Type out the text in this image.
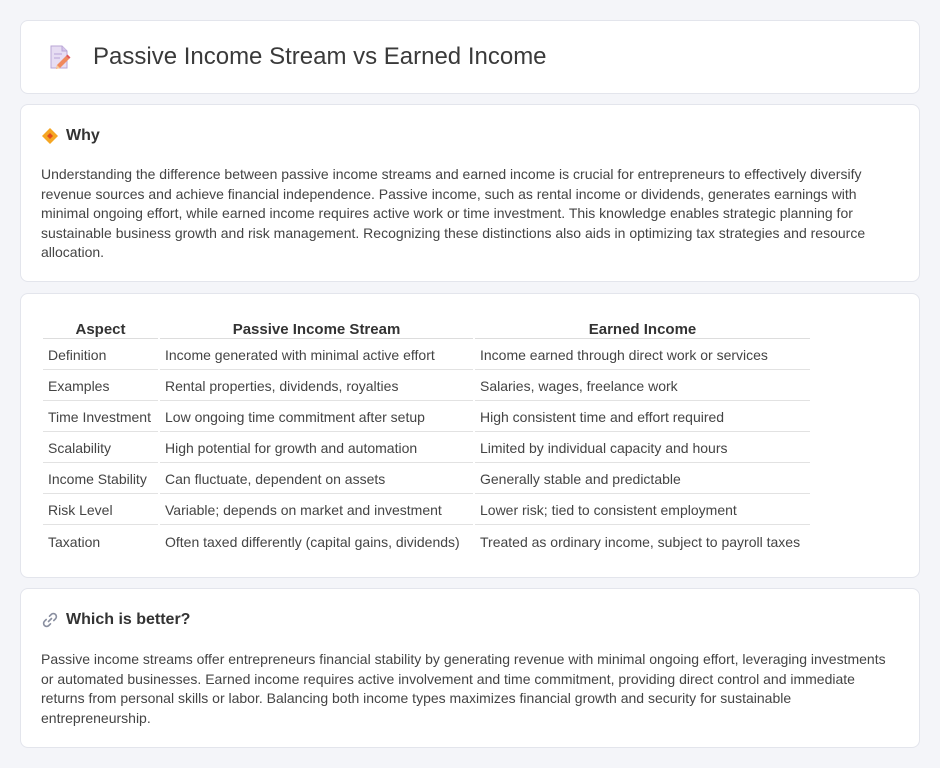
Passive Income Stream vs Earned Income
Why

Understanding the difference between passive income streams and earned income is crucial for entrepreneurs to effectively diversify revenue sources and achieve financial independence. Passive income, such as rental income or dividends, generates earnings with minimal ongoing effort, while earned income requires active work or time investment. This knowledge enables strategic planning for sustainable business growth and risk management. Recognizing these distinctions also aids in optimizing tax strategies and resource allocation.

Aspect	Passive Income Stream	Earned Income
Definition	Income generated with minimal active effort	Income earned through direct work or services
Examples	Rental properties, dividends, royalties	Salaries, wages, freelance work
Time Investment	Low ongoing time commitment after setup	High consistent time and effort required
Scalability	High potential for growth and automation	Limited by individual capacity and hours
Income Stability	Can fluctuate, dependent on assets	Generally stable and predictable
Risk Level	Variable; depends on market and investment	Lower risk; tied to consistent employment
Taxation	Often taxed differently (capital gains, dividends)	Treated as ordinary income, subject to payroll taxes
Which is better?

Passive income streams offer entrepreneurs financial stability by generating revenue with minimal ongoing effort, leveraging investments or automated businesses. Earned income requires active involvement and time commitment, providing direct control and immediate returns from personal skills or labor. Balancing both income types maximizes financial growth and security for sustainable entrepreneurship.
